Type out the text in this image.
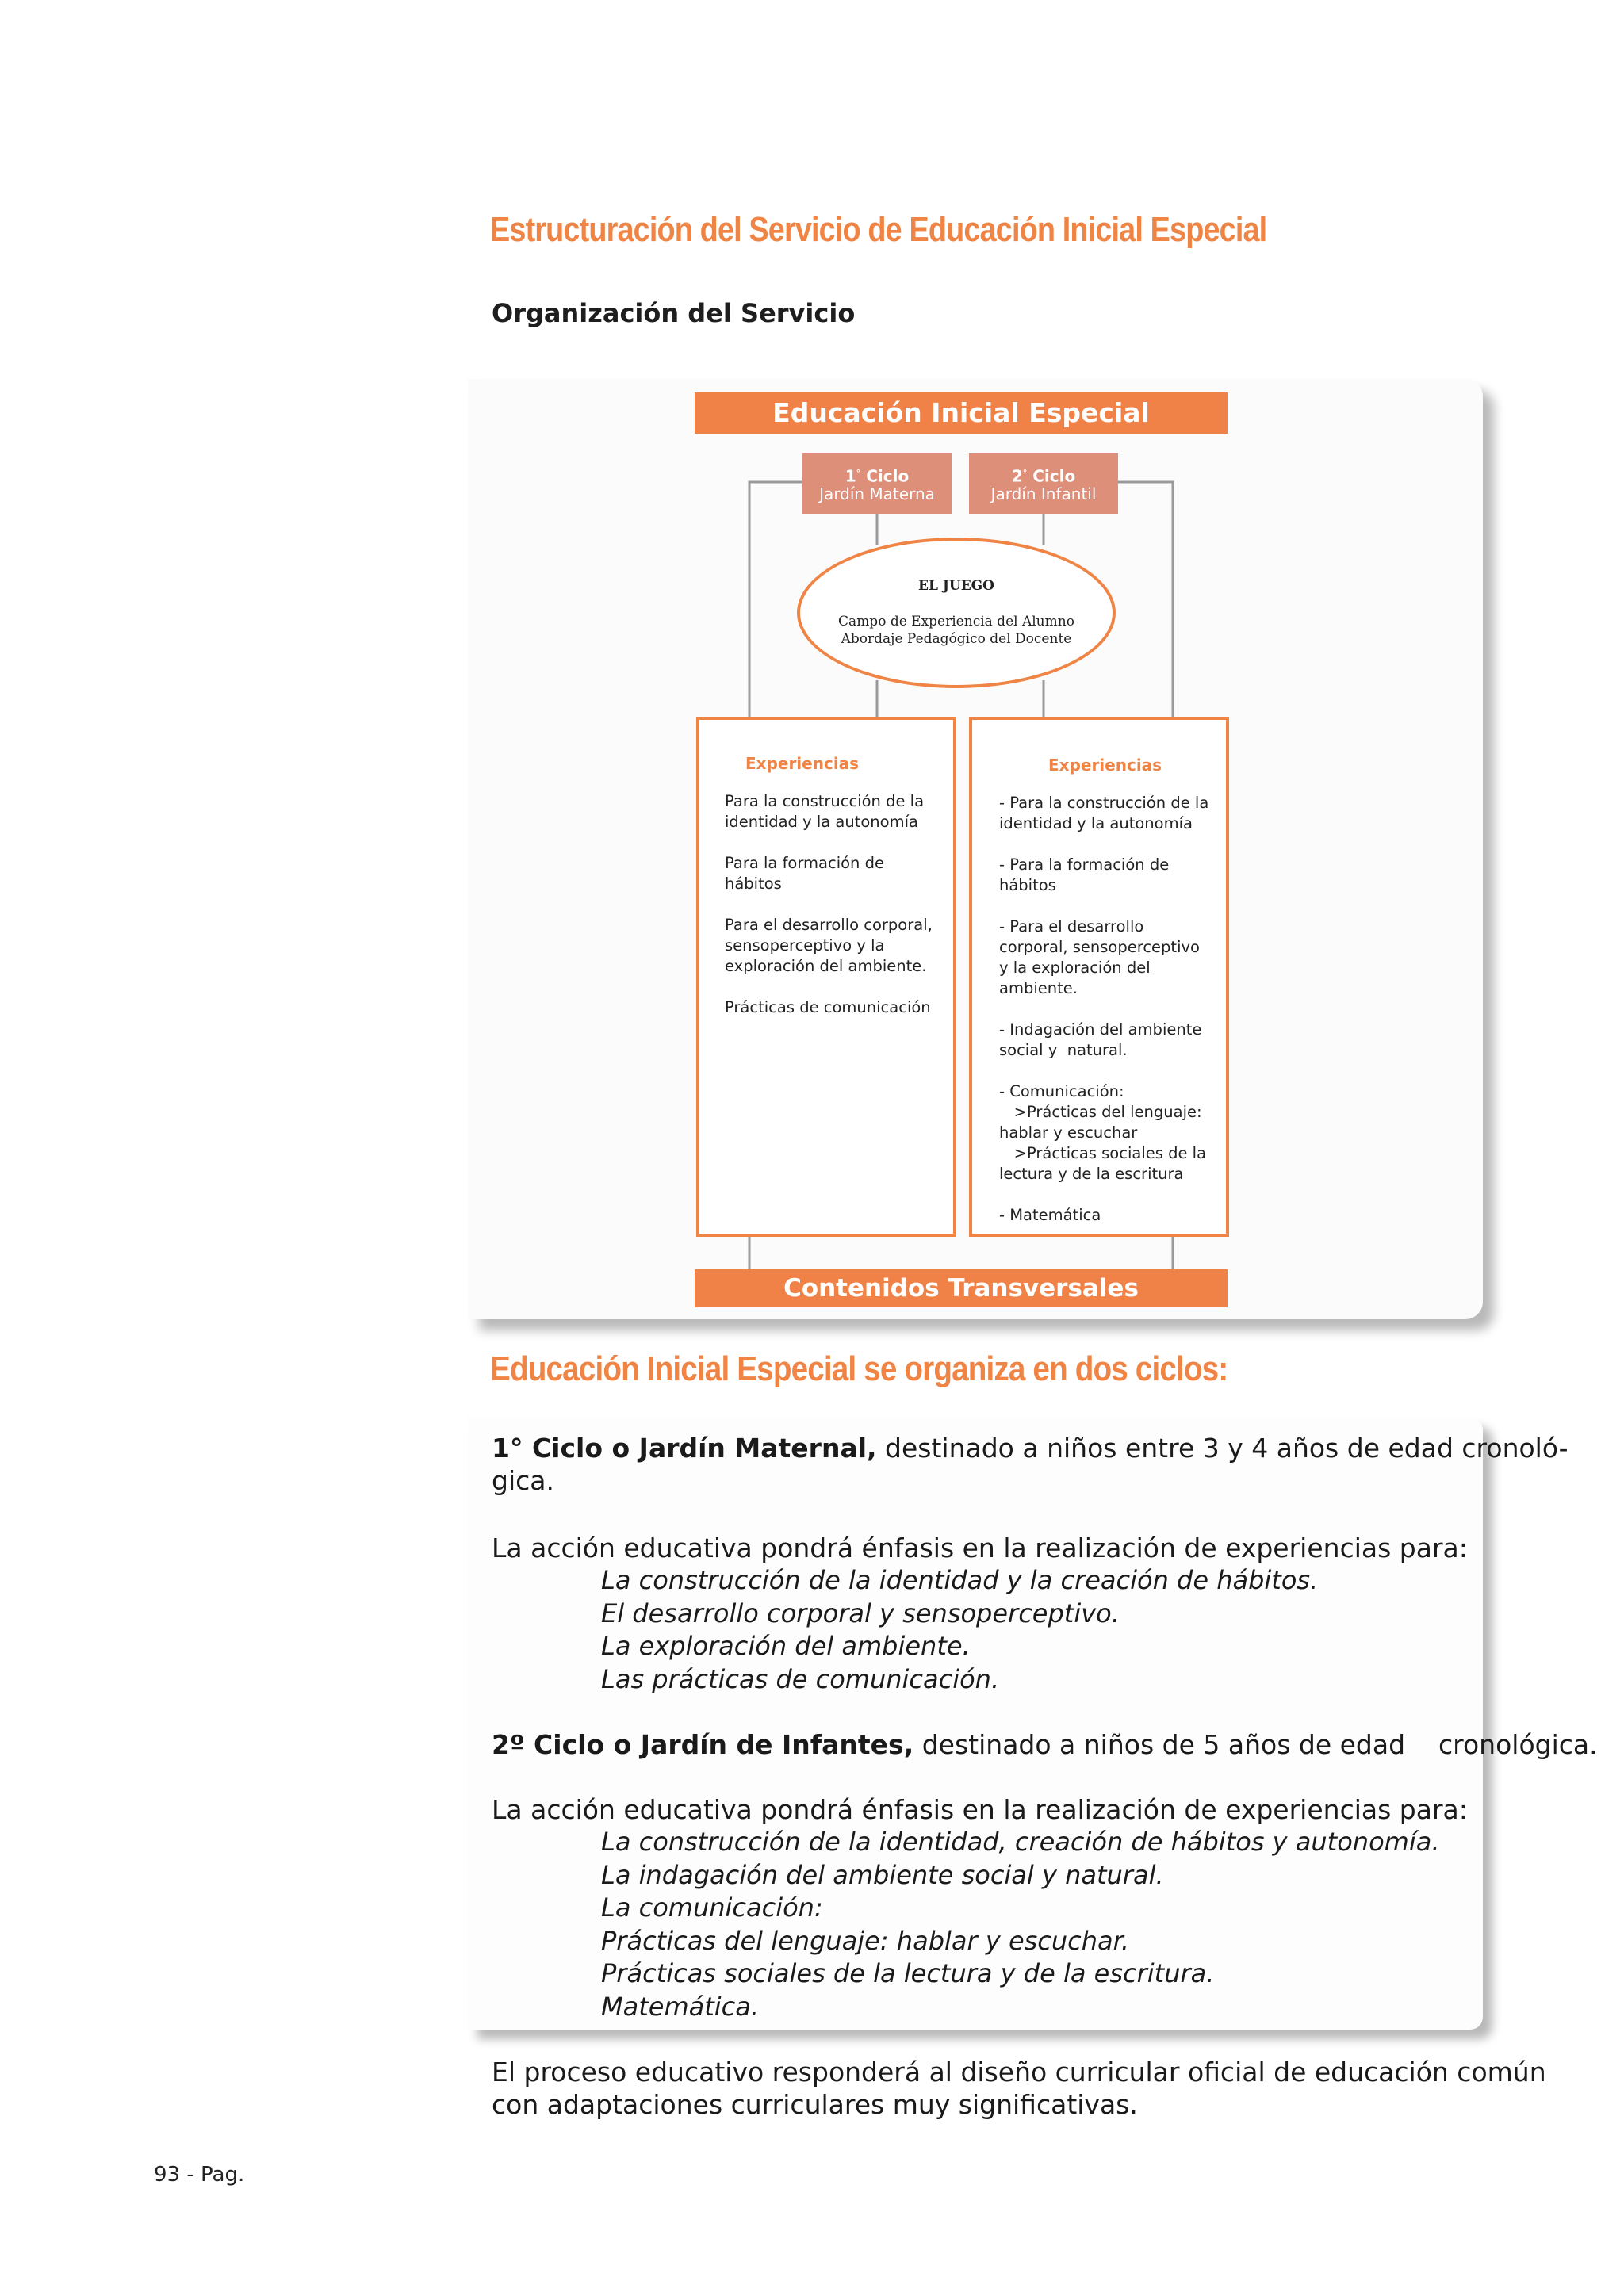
Estructuración del Servicio de Educación Inicial Especial
Organización del Servicio
Educación Inicial Especial
1° Ciclo
Jardín Materna
2° Ciclo
Jardín Infantil
EL JUEGO
Campo de Experiencia del Alumno
Abordaje Pedagógico del Docente
Experiencias
Para la construcción de la
identidad y la autonomía
Para la formación de
hábitos
Para el desarrollo corporal,
sensoperceptivo y la
exploración del ambiente.
Prácticas de comunicación
Experiencias
- Para la construcción de la
identidad y la autonomía
- Para la formación de
hábitos
- Para el desarrollo
corporal, sensoperceptivo
y la exploración del
ambiente.
- Indagación del ambiente
social y  natural.
- Comunicación:
>Prácticas del lenguaje:
hablar y escuchar
>Prácticas sociales de la
lectura y de la escritura
- Matemática
Contenidos Transversales
Educación Inicial Especial se organiza en dos ciclos:
1° Ciclo o Jardín Maternal, destinado a niños entre 3 y 4 años de edad cronoló-
gica.
La acción educativa pondrá énfasis en la realización de experiencias para:
La construcción de la identidad y la creación de hábitos.
El desarrollo corporal y sensoperceptivo.
La exploración del ambiente.
Las prácticas de comunicación.
2º Ciclo o Jardín de Infantes, destinado a niños de 5 años de edad    cronológica.
La acción educativa pondrá énfasis en la realización de experiencias para:
La construcción de la identidad, creación de hábitos y autonomía.
La indagación del ambiente social y natural.
La comunicación:
Prácticas del lenguaje: hablar y escuchar.
Prácticas sociales de la lectura y de la escritura.
Matemática.
El proceso educativo responderá al diseño curricular oficial de educación común
con adaptaciones curriculares muy significativas.
93 - Pag.
